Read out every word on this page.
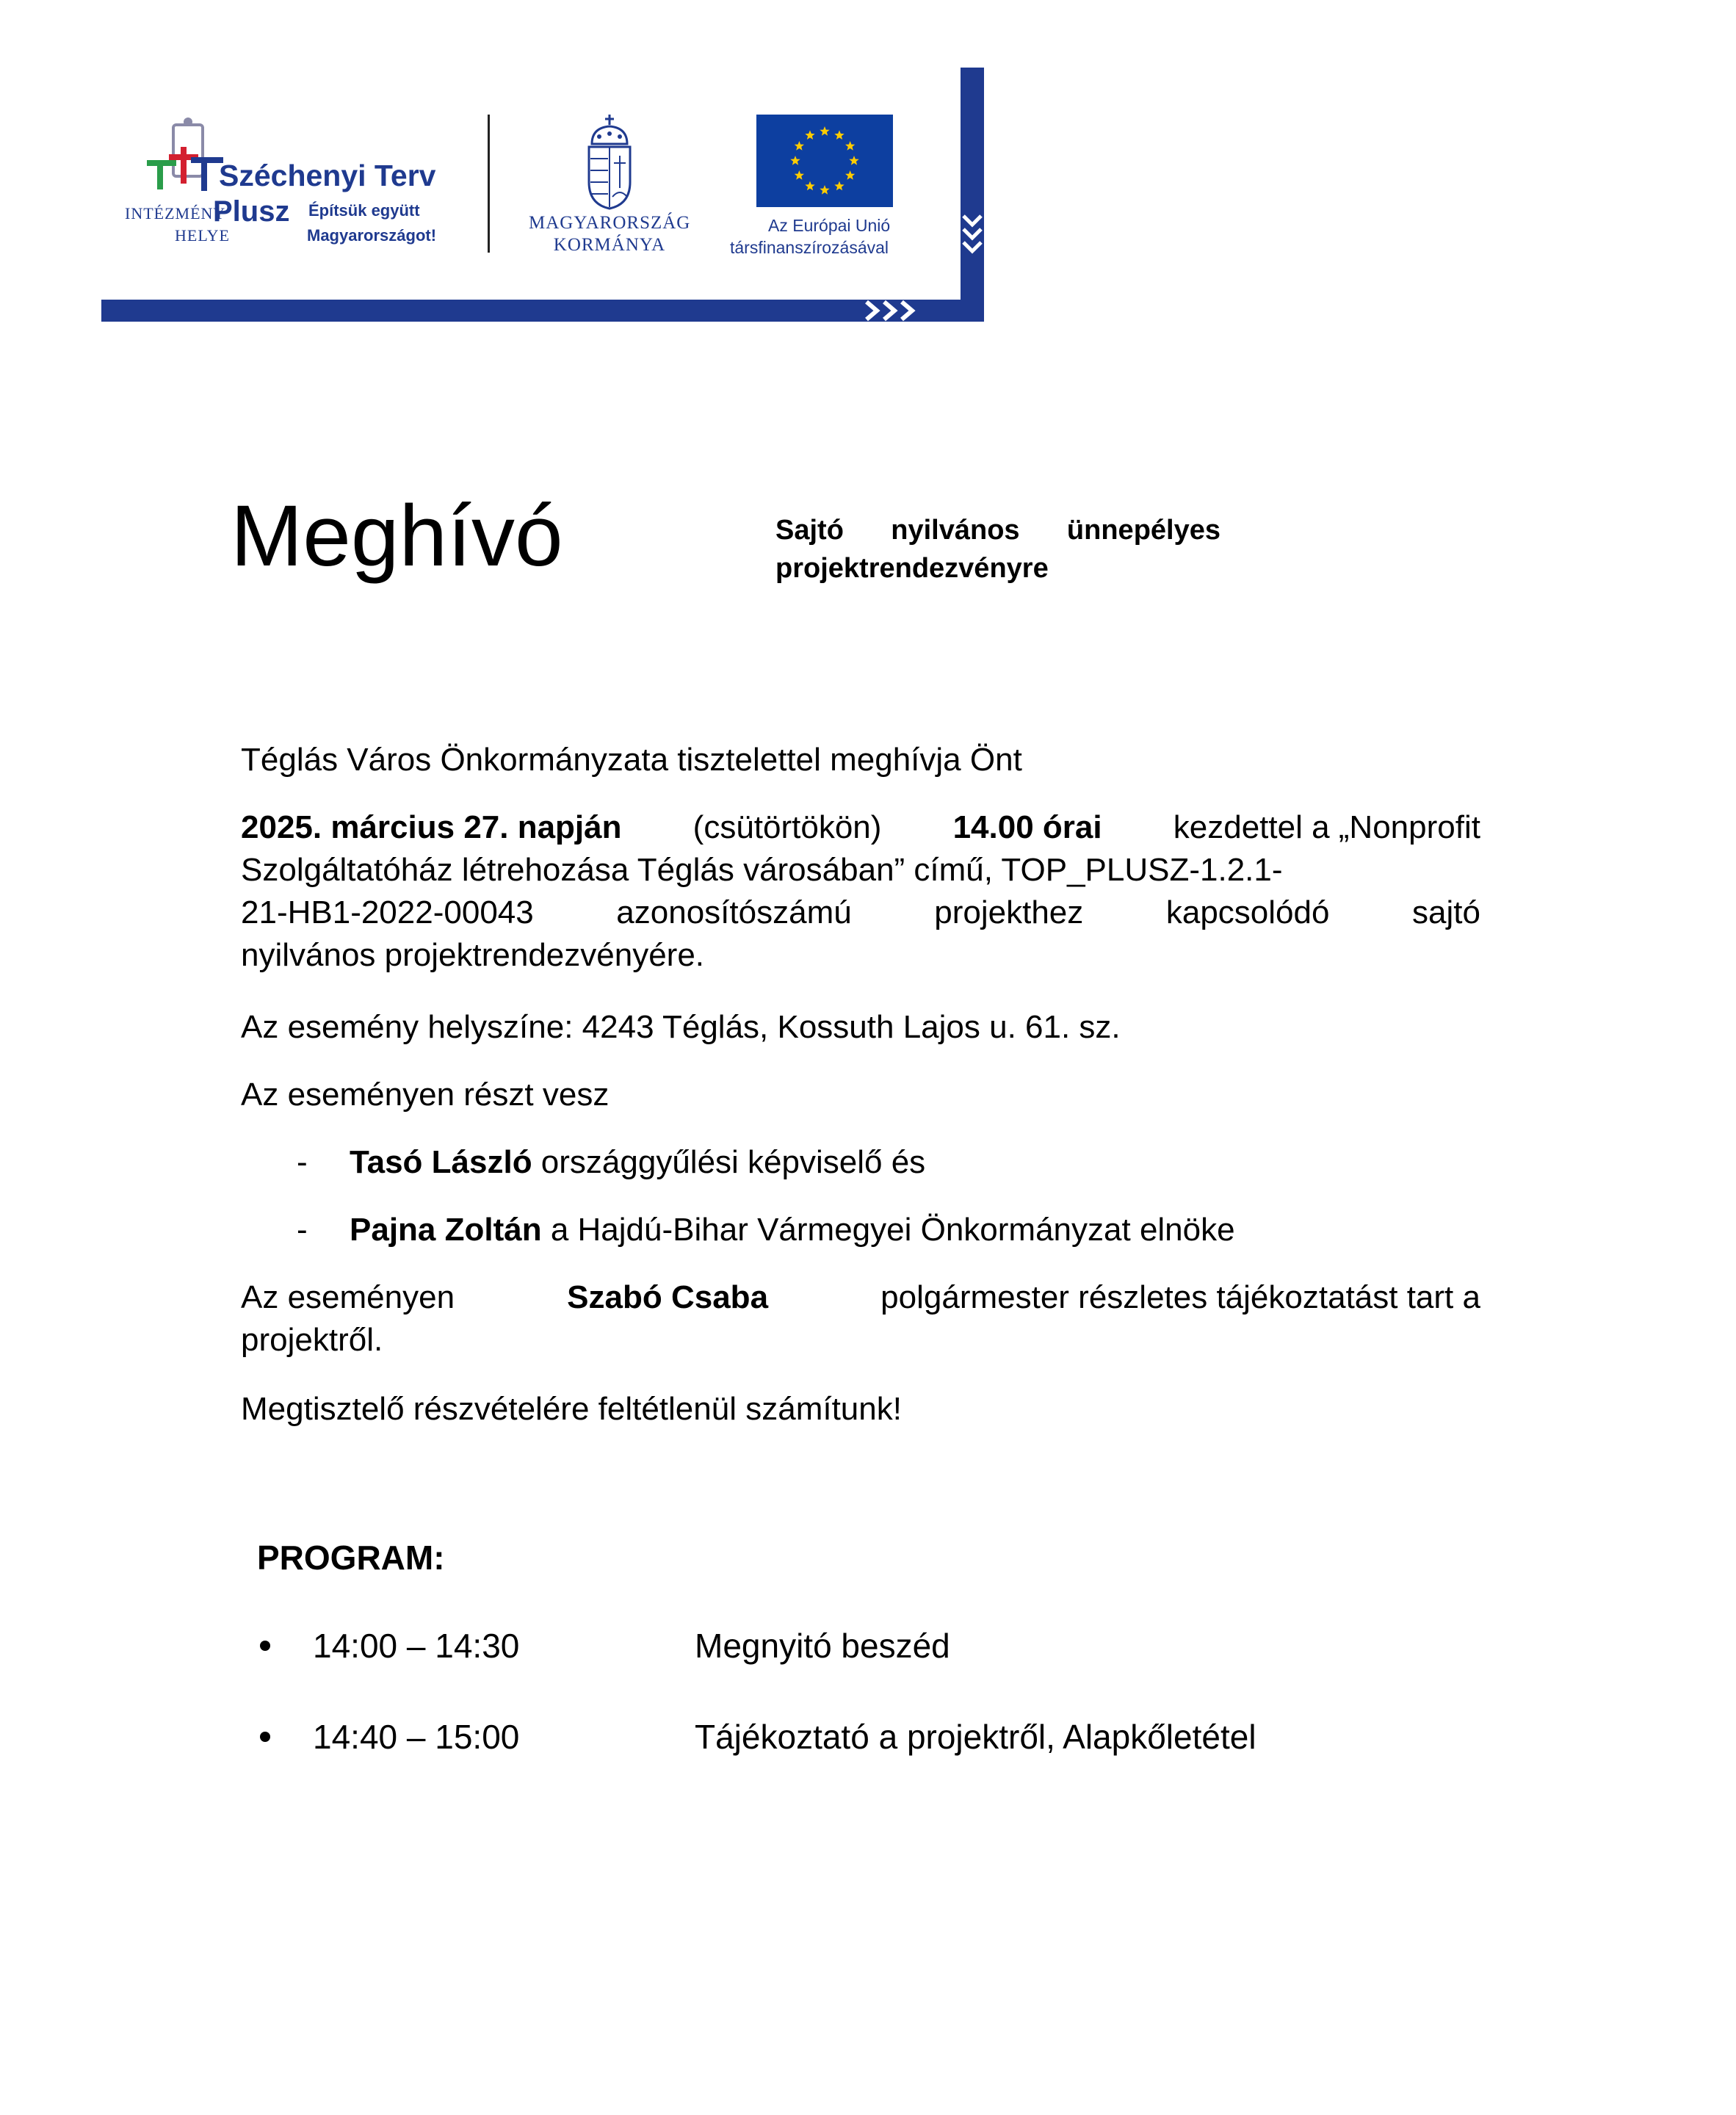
Széchenyi Terv
INTÉZMÉNY
HELYE
Plusz Építsük együtt
Magyarországot!
MAGYARORSZÁG
KORMÁNYA
Az Európai Unió
társfinanszírozásával
Meghívó	Sajtó nyilvános ünnepélyes
projektrendezvényre
Téglás Város Önkormányzata tisztelettel meghívja Önt
2025. március 27. napján (csütörtökön) 14.00 órai kezdettel a „Nonprofit
Szolgáltatóház létrehozása Téglás városában” című, TOP_PLUSZ-1.2.1-
21-HB1-2022-00043	azonosítószámú	projekthez	kapcsolódó	sajtó
nyilvános projektrendezvényére.
Az esemény helyszíne: 4243 Téglás, Kossuth Lajos u. 61. sz.
Az eseményen részt vesz
- Tasó László országgyűlési képviselő és
- Pajna Zoltán a Hajdú-Bihar Vármegyei Önkormányzat elnöke
Az eseményen	Szabó Csaba	polgármester részletes tájékoztatást tart a
projektről.
Megtisztelő részvételére feltétlenül számítunk!
PROGRAM:
14:00 – 14:30	Megnyitó beszéd
14:40 – 15:00	Tájékoztató a projektről, Alapkőletétel
